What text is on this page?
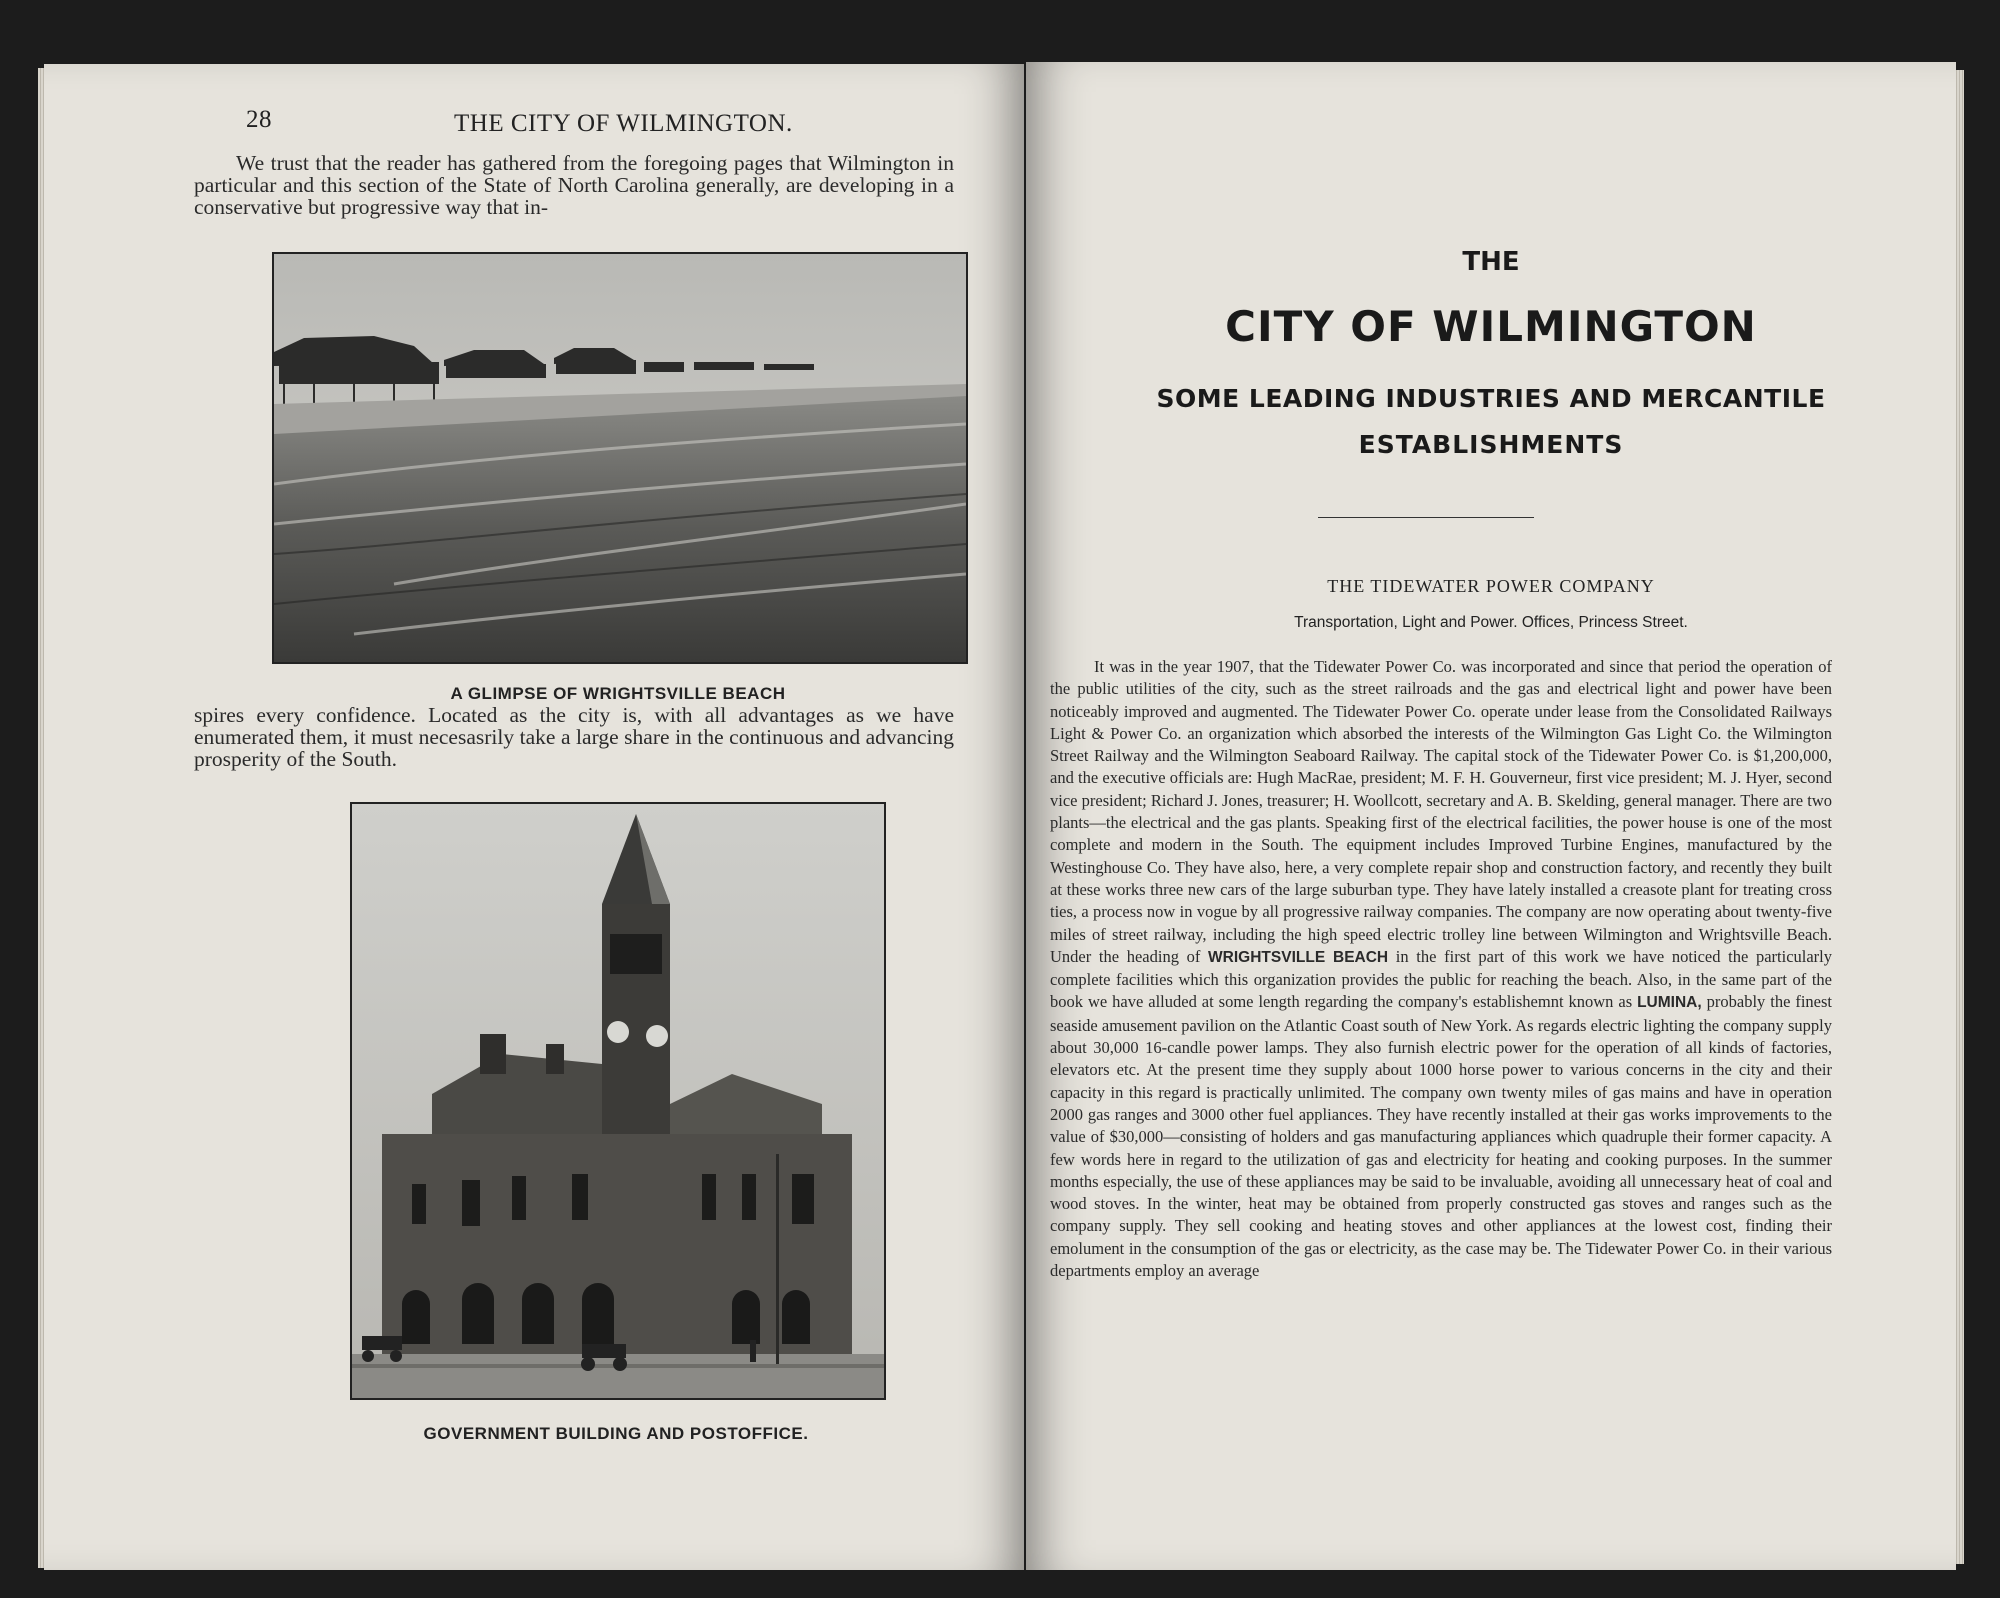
28	THE CITY OF WILMINGTON.
We trust that the reader has gathered from the foregoing pages that Wilmington in particular and this section of the State of North Carolina generally, are developing in a conservative but progressive way that in-
A GLIMPSE OF WRIGHTSVILLE BEACH
spires every confidence. Located as the city is, with all advantages as we have enumerated them, it must necesasrily take a large share in the continuous and advancing prosperity of the South.
GOVERNMENT BUILDING AND POSTOFFICE.
THE
CITY OF WILMINGTON
SOME LEADING INDUSTRIES AND MERCANTILE
ESTABLISHMENTS
THE TIDEWATER POWER COMPANY
Transportation, Light and Power. Offices, Princess Street.
It was in the year 1907, that the Tidewater Power Co. was incorporated and since that period the operation of the public utilities of the city, such as the street railroads and the gas and electrical light and power have been noticeably improved and augmented. The Tidewater Power Co. operate under lease from the Consolidated Railways Light & Power Co. an organization which absorbed the interests of the Wilmington Gas Light Co. the Wilmington Street Railway and the Wilmington Seaboard Railway. The capital stock of the Tidewater Power Co. is $1,200,000, and the executive officials are: Hugh MacRae, president; M. F. H. Gouverneur, first vice president; M. J. Hyer, second vice president; Richard J. Jones, treasurer; H. Woollcott, secretary and A. B. Skelding, general manager. There are two plants—the electrical and the gas plants. Speaking first of the electrical facilities, the power house is one of the most complete and modern in the South. The equipment includes Improved Turbine Engines, manufactured by the Westinghouse Co. They have also, here, a very complete repair shop and construction factory, and recently they built at these works three new cars of the large suburban type. They have lately installed a creasote plant for treating cross ties, a process now in vogue by all progressive railway companies. The company are now operating about twenty-five miles of street railway, including the high speed electric trolley line between Wilmington and Wrightsville Beach. Under the heading of WRIGHTSVILLE BEACH in the first part of this work we have noticed the particularly complete facilities which this organization provides the public for reaching the beach. Also, in the same part of the book we have alluded at some length regarding the company's establishemnt known as LUMINA, probably the finest seaside amusement pavilion on the Atlantic Coast south of New York. As regards electric lighting the company supply about 30,000 16-candle power lamps. They also furnish electric power for the operation of all kinds of factories, elevators etc. At the present time they supply about 1000 horse power to various concerns in the city and their capacity in this regard is practically unlimited. The company own twenty miles of gas mains and have in operation 2000 gas ranges and 3000 other fuel appliances. They have recently installed at their gas works improvements to the value of $30,000—consisting of holders and gas manufacturing appliances which quadruple their former capacity. A few words here in regard to the utilization of gas and electricity for heating and cooking purposes. In the summer months especially, the use of these appliances may be said to be invaluable, avoiding all unnecessary heat of coal and wood stoves. In the winter, heat may be obtained from properly constructed gas stoves and ranges such as the company supply. They sell cooking and heating stoves and other appliances at the lowest cost, finding their emolument in the consumption of the gas or electricity, as the case may be. The Tidewater Power Co. in their various departments employ an average
